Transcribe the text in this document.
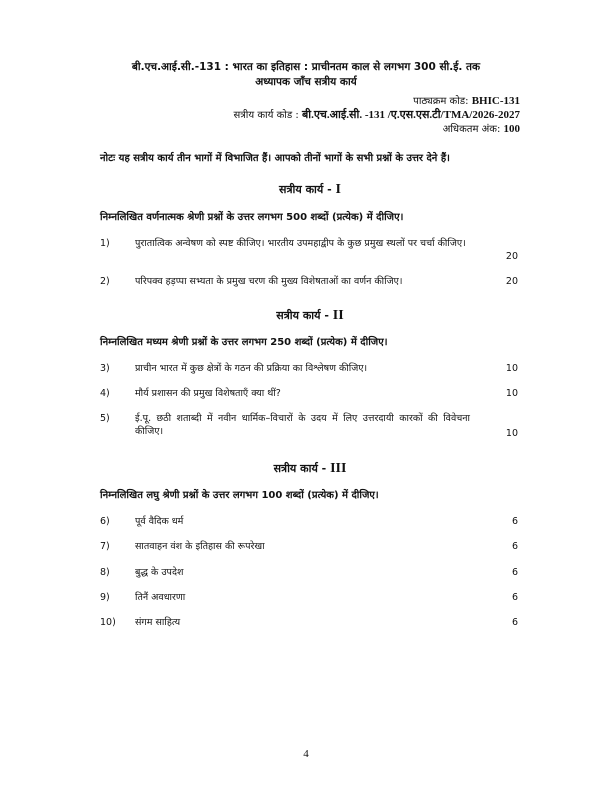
बी.एच.आई.सी.-131 : भारत का इतिहास : प्राचीनतम काल से लगभग 300 सी.ई. तक
अध्यापक जाँच सत्रीय कार्य
पाठ्यक्रम कोड: BHIC-131
सत्रीय कार्य कोड : बी.एच.आई.सी. -131 /ए.एस.एस.टी/TMA/2026-2027
अधिकतम अंक: 100
नोटः यह सत्रीय कार्य तीन भागों में विभाजित हैं। आपको तीनों भागों के सभी प्रश्नों के उत्तर देने हैं।
सत्रीय कार्य - I
निम्नलिखित वर्णनात्मक श्रेणी प्रश्नों के उत्तर लगभग 500 शब्दों (प्रत्येक) में दीजिए।
1)	पुरातात्विक अन्वेषण को स्पष्ट कीजिए। भारतीय उपमहाद्वीप के कुछ प्रमुख स्थलों पर चर्चा कीजिए।
20
2)	परिपक्व हड़प्पा सभ्यता के प्रमुख चरण की मुख्य विशेषताओं का वर्णन कीजिए।	20
सत्रीय कार्य - II
निम्नलिखित मध्यम श्रेणी प्रश्नों के उत्तर लगभग 250 शब्दों (प्रत्येक) में दीजिए।
3)	प्राचीन भारत में कुछ क्षेत्रों के गठन की प्रक्रिया का विश्लेषण कीजिए।	10
4)	मौर्य प्रशासन की प्रमुख विशेषताएँ क्या थीं?	10
5)	ई.पू. छठी शताब्दी में नवीन धार्मिक–विचारों के उदय में लिए उत्तरदायी कारकों की विवेचना कीजिए।	10
सत्रीय कार्य - III
निम्नलिखित लघु श्रेणी प्रश्नों के उत्तर लगभग 100 शब्दों (प्रत्येक) में दीजिए।
6)	पूर्व वैदिक धर्म	6
7)	सातवाहन वंश के इतिहास की रूपरेखा	6
8)	बुद्ध के उपदेश	6
9)	तिनैं अवधारणा	6
10) संगम साहित्य	6
4
